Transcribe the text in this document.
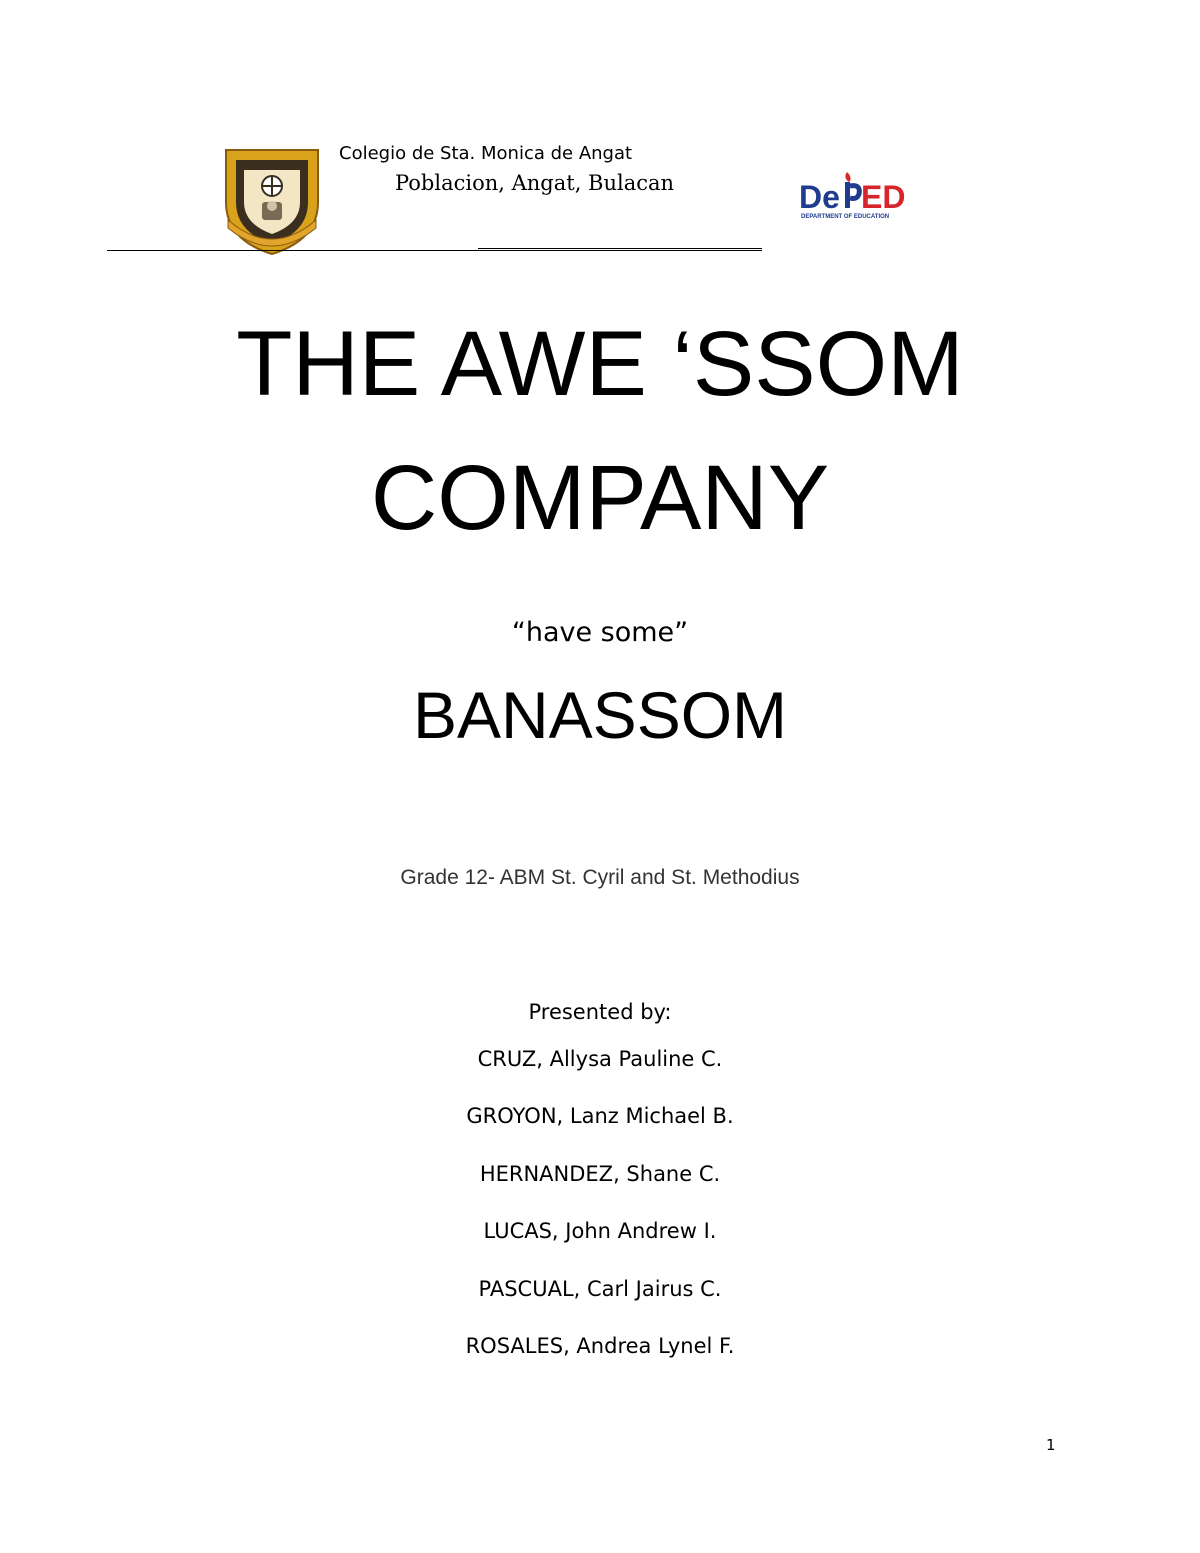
Colegio de Sta. Monica de Angat
Poblacion, Angat, Bulacan	De ED
DEPARTMENT OF EDUCATION
THE AWE ‘SSOM
COMPANY
“have some”
BANASSOM
Grade 12- ABM St. Cyril and St. Methodius
Presented by:
CRUZ, Allysa Pauline C.
GROYON, Lanz Michael B.
HERNANDEZ, Shane C.
LUCAS, John Andrew I.
PASCUAL, Carl Jairus C.
ROSALES, Andrea Lynel F.
1
